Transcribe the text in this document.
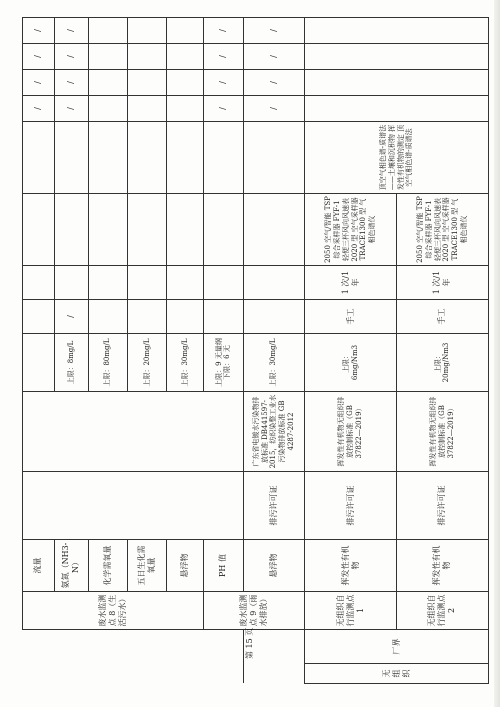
		废水监测点 8（生活污水）	流量								/	/	/	/
			氨氮（NH3-N）			上限：8mg/L	/				/	/	/	/
			化学需氧量			上限：80mg/L								
			五日生化需氧量			上限：20mg/L								
			悬浮物			上限：30mg/L								
		废水监测点 9（雨水排放）	PH 值			上限：9 无量纲 下限：6 无					/	/	/	/
			悬浮物	排污许可证	广东省电镀水污染物排放标准 DB441597-2015，纺织染整工业水污染物排放标准 GB 4287-2012	上限：30mg/L					/	/	/	/
无组织	厂界	无组织自行监测点 1	挥发性有机物	排污许可证	挥发性有机物无组织排放控制标准（GB 37822—2019）	上限：6mg/Nm3	手工	1 次/1 年	2050 空气/智能 TSP 综合采样器 FYF-1 轻便三杯风向风速表 2020 型 空气采样器 TRACE1300 型 气相色谱仪	顶空气相色谱-质谱法——土壤和沉积物 挥发性有机物的测定 顶空气相色谱-质谱法				
		无组织自行监测点 2	挥发性有机物	排污许可证	挥发性有机物无组织排放控制标准（GB 37822—2019）	上限：20mg/Nm3	手工	1 次/1 年	2050 空气/智能 TSP 综合采样器 FYF-1 轻便三杯风向风速表 2020 型 空气采样器 TRACE1300 型 气相色谱仪					
第 15 页
